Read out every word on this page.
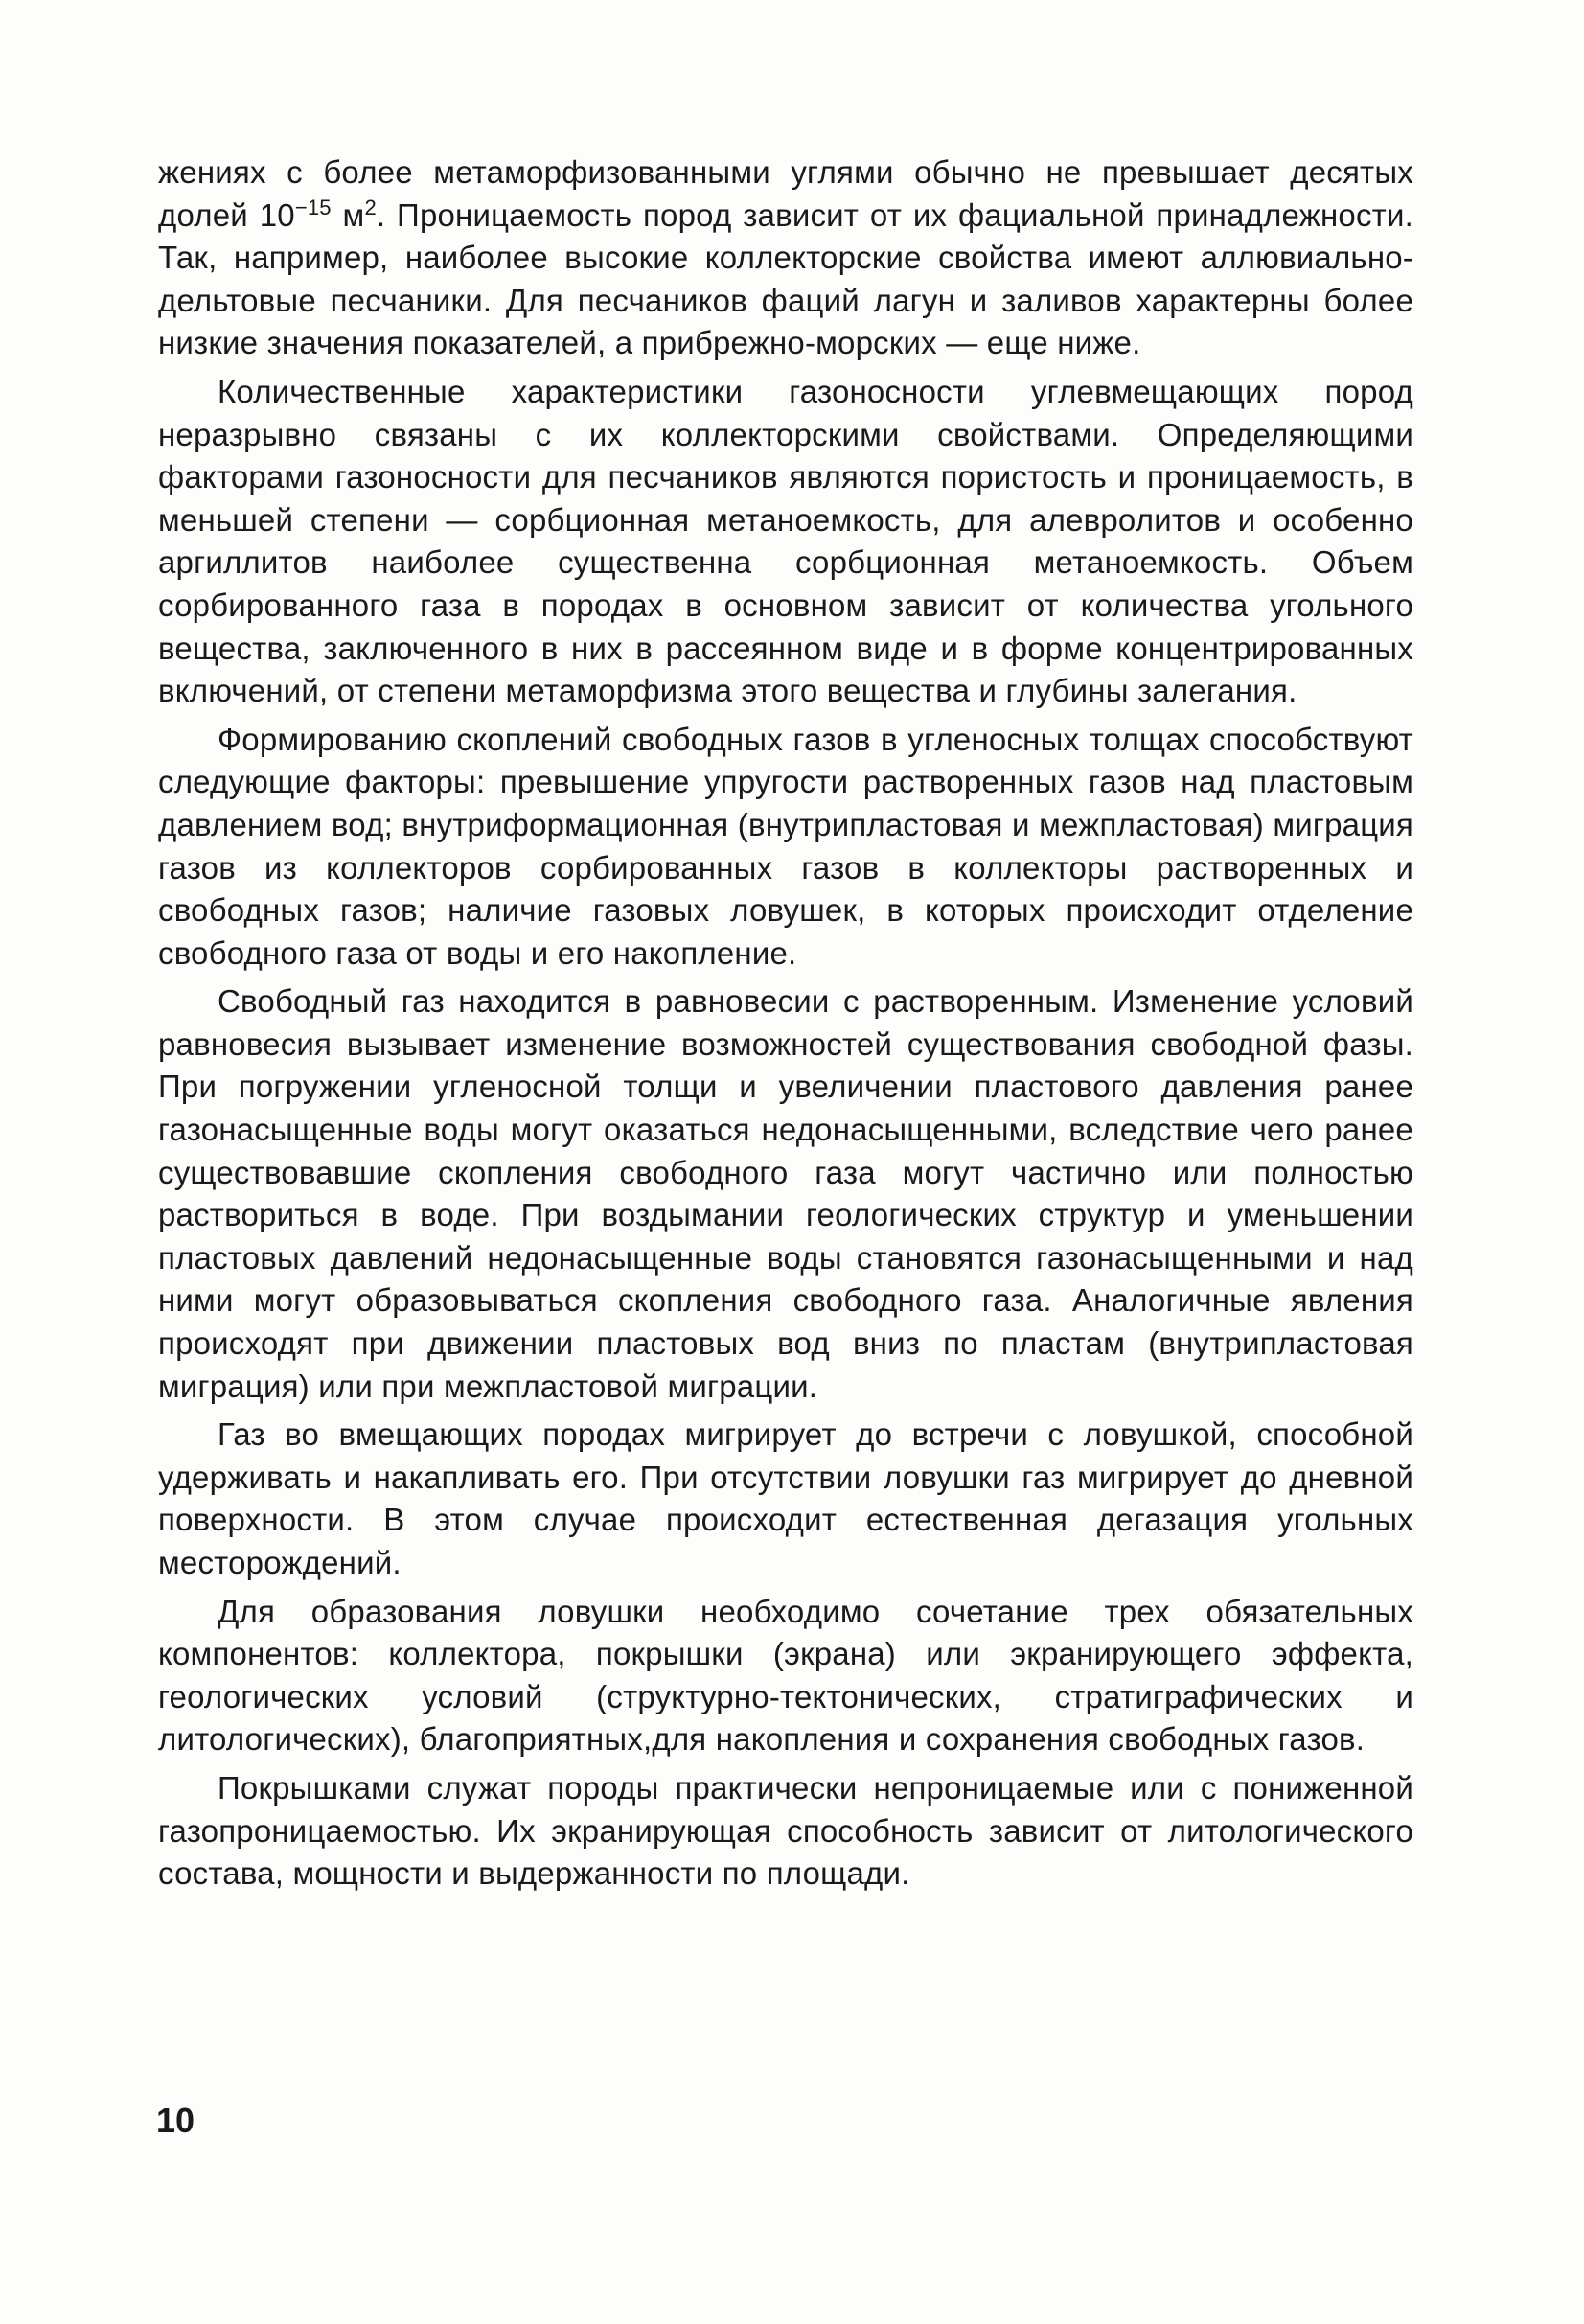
жениях с более метаморфизованными углями обычно не превышает десятых долей $10^{-15}$ $м^2$. Проницаемость пород зависит от их фациальной принадлежности. Так, например, наиболее высокие коллекторские свойства имеют аллювиально-дельтовые песчаники. Для песчаников фаций лагун и заливов характерны более низкие значения показателей, а прибрежно-морских — еще ниже.

Количественные характеристики газоносности углевмещающих пород неразрывно связаны с их коллекторскими свойствами. Определяющими факторами газоносности для песчаников являются пористость и проницаемость, в меньшей степени — сорбционная метаноемкость, для алевролитов и особенно аргиллитов наиболее существенна сорбционная метаноемкость. Объем сорбированного газа в породах в основном зависит от количества угольного вещества, заключенного в них в рассеянном виде и в форме концентрированных включений, от степени метаморфизма этого вещества и глубины залегания.

Формированию скоплений свободных газов в угленосных толщах способствуют следующие факторы: превышение упругости растворенных газов над пластовым давлением вод; внутриформационная (внутрипластовая и межпластовая) миграция газов из коллекторов сорбированных газов в коллекторы растворенных и свободных газов; наличие газовых ловушек, в которых происходит отделение свободного газа от воды и его накопление.

Свободный газ находится в равновесии с растворенным. Изменение условий равновесия вызывает изменение возможностей существования свободной фазы. При погружении угленосной толщи и увеличении пластового давления ранее газонасыщенные воды могут оказаться недонасыщенными, вследствие чего ранее существовавшие скопления свободного газа могут частично или полностью раствориться в воде. При воздымании геологических структур и уменьшении пластовых давлений недонасыщенные воды становятся газонасыщенными и над ними могут образовываться скопления свободного газа. Аналогичные явления происходят при движении пластовых вод вниз по пластам (внутрипластовая миграция) или при межпластовой миграции.

Газ во вмещающих породах мигрирует до встречи с ловушкой, способной удерживать и накапливать его. При отсутствии ловушки газ мигрирует до дневной поверхности. В этом случае происходит естественная дегазация угольных месторождений.

Для образования ловушки необходимо сочетание трех обязательных компонентов: коллектора, покрышки (экрана) или экранирующего эффекта, геологических условий (структурно-тектонических, стратиграфических и литологических), благоприятных,для накопления и сохранения свободных газов.

Покрышками служат породы практически непроницаемые или с пониженной газопроницаемостью. Их экранирующая способность зависит от литологического состава, мощности и выдержанности по площади.

10
